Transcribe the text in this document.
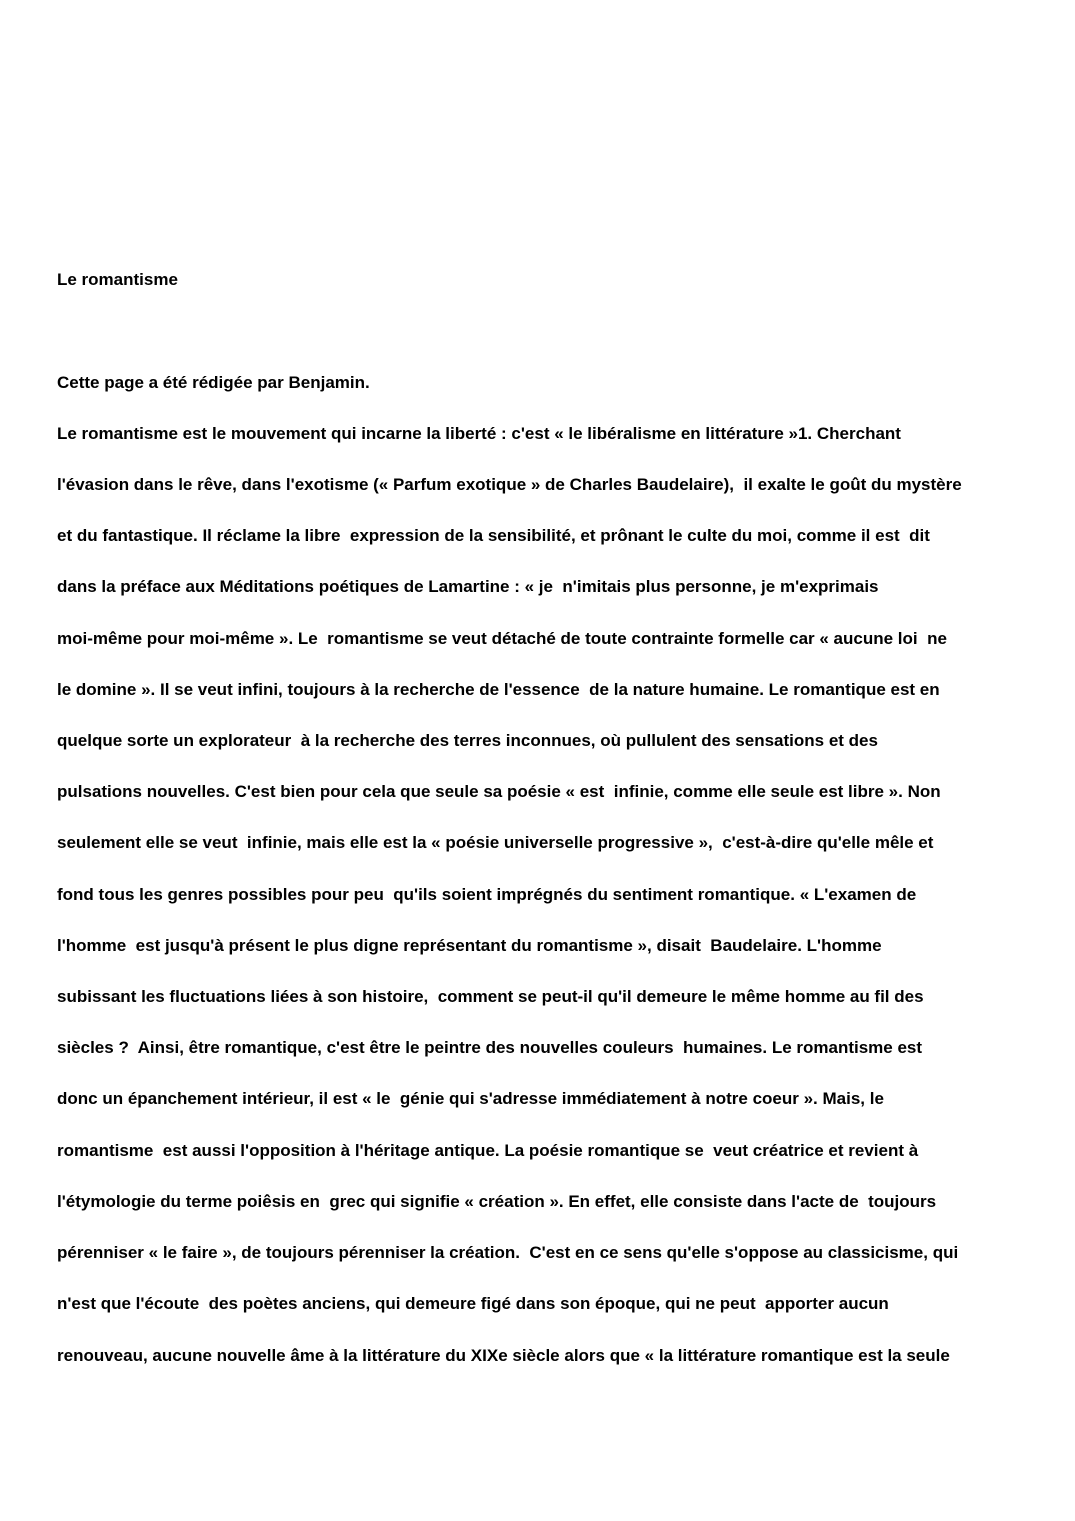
Le romantisme
Cette page a été rédigée par Benjamin.
Le romantisme est le mouvement qui incarne la liberté : c'est « le libéralisme en littérature »1. Cherchant
l'évasion dans le rêve, dans l'exotisme (« Parfum exotique » de Charles Baudelaire),  il exalte le goût du mystère
et du fantastique. Il réclame la libre  expression de la sensibilité, et prônant le culte du moi, comme il est  dit
dans la préface aux Méditations poétiques de Lamartine : « je  n'imitais plus personne, je m'exprimais
moi-même pour moi-même ». Le  romantisme se veut détaché de toute contrainte formelle car « aucune loi  ne
le domine ». Il se veut infini, toujours à la recherche de l'essence  de la nature humaine. Le romantique est en
quelque sorte un explorateur  à la recherche des terres inconnues, où pullulent des sensations et des
pulsations nouvelles. C'est bien pour cela que seule sa poésie « est  infinie, comme elle seule est libre ». Non
seulement elle se veut  infinie, mais elle est la « poésie universelle progressive »,  c'est-à-dire qu'elle mêle et
fond tous les genres possibles pour peu  qu'ils soient imprégnés du sentiment romantique. « L'examen de
l'homme  est jusqu'à présent le plus digne représentant du romantisme », disait  Baudelaire. L'homme
subissant les fluctuations liées à son histoire,  comment se peut-il qu'il demeure le même homme au fil des
siècles ?  Ainsi, être romantique, c'est être le peintre des nouvelles couleurs  humaines. Le romantisme est
donc un épanchement intérieur, il est « le  génie qui s'adresse immédiatement à notre coeur ». Mais, le
romantisme  est aussi l'opposition à l'héritage antique. La poésie romantique se  veut créatrice et revient à
l'étymologie du terme poiêsis en  grec qui signifie « création ». En effet, elle consiste dans l'acte de  toujours
pérenniser « le faire », de toujours pérenniser la création.  C'est en ce sens qu'elle s'oppose au classicisme, qui
n'est que l'écoute  des poètes anciens, qui demeure figé dans son époque, qui ne peut  apporter aucun
renouveau, aucune nouvelle âme à la littérature du XIXe siècle alors que « la littérature romantique est la seule
